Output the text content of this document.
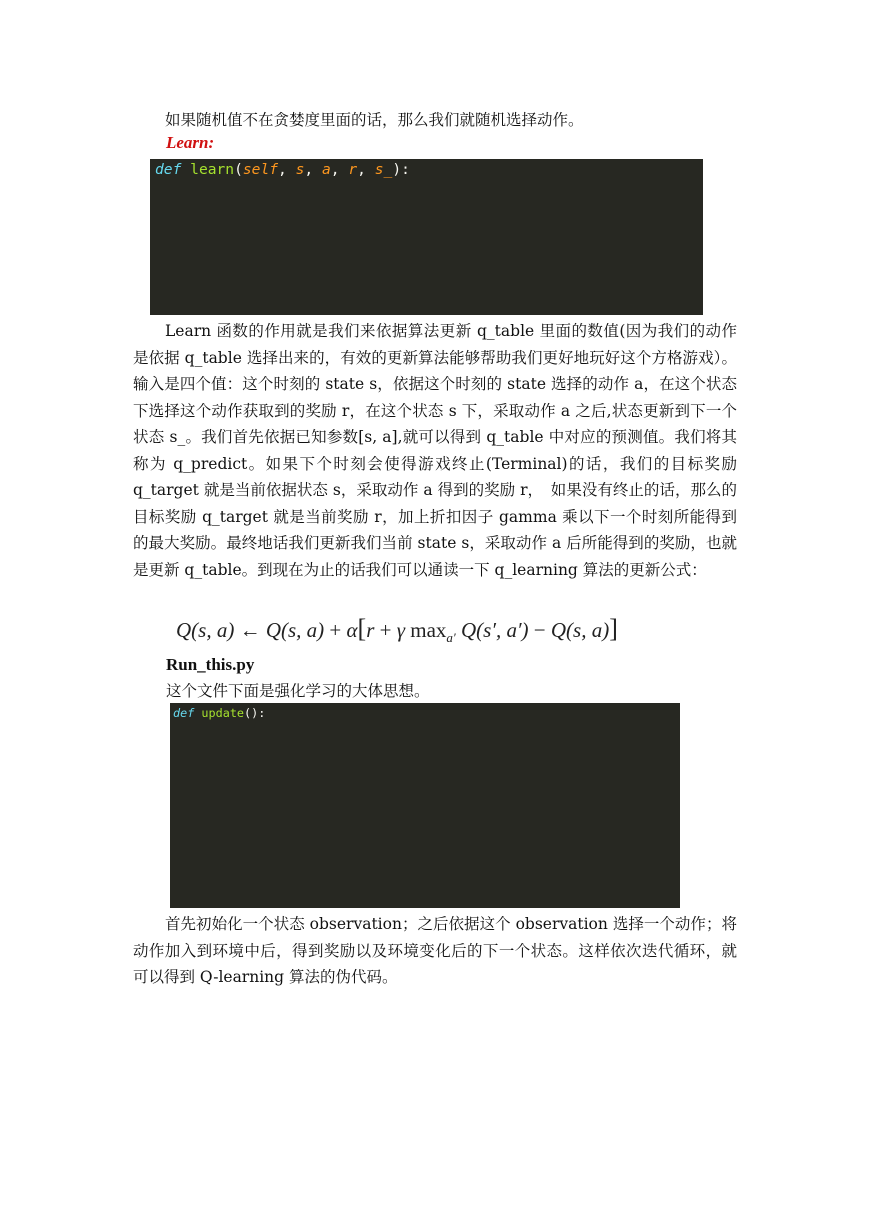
如果随机值不在贪婪度里面的话，那么我们就随机选择动作。

Learn:

def learn(self, s, a, r, s_):

Learn 函数的作用就是我们来依据算法更新 q_table 里面的数值(因为我们的动作是依据 q_table 选择出来的，有效的更新算法能够帮助我们更好地玩好这个方格游戏）。输入是四个值：这个时刻的 state s，依据这个时刻的 state 选择的动作 a，在这个状态下选择这个动作获取到的奖励 r，在这个状态 s 下，采取动作 a 之后,状态更新到下一个状态 s_。我们首先依据已知参数[s, a],就可以得到 q_table 中对应的预测值。我们将其称为 q_predict。如果下个时刻会使得游戏终止(Terminal)的话，我们的目标奖励 q_target 就是当前依据状态 s，采取动作 a 得到的奖励 r，　如果没有终止的话，那么的目标奖励 q_target 就是当前奖励 r，加上折扣因子 gamma 乘以下一个时刻所能得到的最大奖励。最终地话我们更新我们当前 state s，采取动作 a 后所能得到的奖励，也就是更新 q_table。到现在为止的话我们可以通读一下 q_learning 算法的更新公式：

Q(s, a) ← Q(s, a) + α[r + γ $\max_{a'} Q(s'$, a′) − Q(s, a)]

Run_this.py

这个文件下面是强化学习的大体思想。

def update():

首先初始化一个状态 observation；之后依据这个 observation 选择一个动作；将动作加入到环境中后，得到奖励以及环境变化后的下一个状态。这样依次迭代循环，就可以得到 Q-learning 算法的伪代码。
